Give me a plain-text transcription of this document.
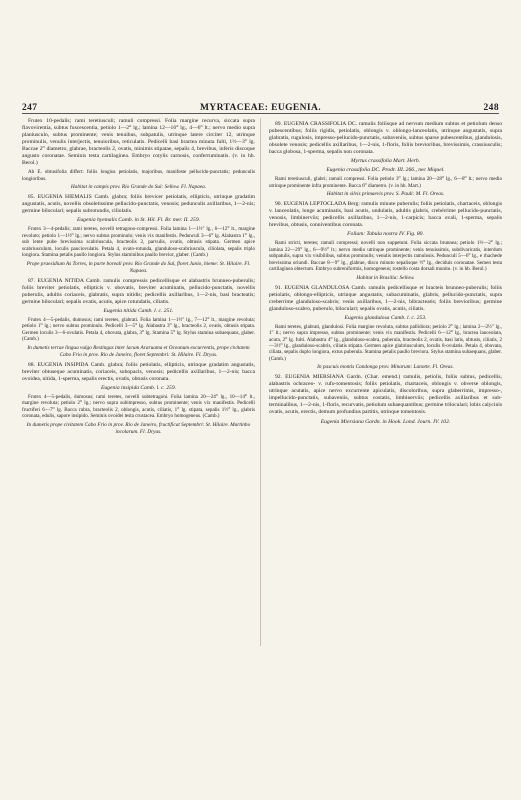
247	MYRTACEAE: EUGENIA.	248

Frutex 10-pedalis; rami teretiusculi; ramuli compressi. Folia margine recurva, siccata supra flavovirentia, subtus fuscescentia, petiolo 1—2‴ lg.; lamina 12—16‴ lg., 4—6‴ lt.; nervo medio supra planiusculo, subtus prominente; venis tenuibus, subpatulis, utrinque latere circiter 12, utrinque prominulis, venulis interjectis, tenuioribus, reticulatis. Pedicelli basi bractea minuta fulti, 1½—3‴ lg. Baccae 2‴ diametro, glabrae, bracteolis 2, ovatis, minimis stipatae, sepalis 4, brevibus, inferis discoque angusto coronatae. Seminis testa cartilaginea. Embryo cotylis carnosis, conferruminatis. (v. in hb. Berol.)

Ab E. obtusifolia differt: foliis longius petiolatis, majoribus, manifeste pellucido-punctatis; pedunculis longioribus.

Habitat in campis prov. Rio Grande do Sul: Sellow. Fl. Napaea.

85. EUGENIA HIEMALIS Camb. glabra; foliis brevicer petiolatis, ellipticis, utrinque gradatim angustatis, acutis, novellis obsoletissime pellucido-punctatis, venosis; pedunculis axillaribus, 1—2-nis; germine biloculari; sepalis subrotundis, ciliolatis.

Eugenia hyemalis Camb. in St. Hil. Fl. Br. mer. II. 259.

Frutex 3—4-pedalis; rami teretes, novelli tetragono-compressi. Folia lamina 1—1½″ lg., 6—12‴ lt., margine revoluto; petiolo 1—1½‴ lg.; nervo subtus prominulo; venis vix manifestis. Pedunculi 3—6‴ lg. Alabastra 1‴ lg., sub lente pube brevissima scabriuscula, bracteolis 2, parvulis, ovatis, obtusis stipata. Germen apice scabriusculum, loculis pauciovulatis. Petala 4, ovato-rotunda, glanduloso-scabriuscula, ciliolata, sepalis triplo longiora. Stamina petalis paullo longiora. Stylus staminibus paullo brevior, glaber. (Camb.)

Prope praesidium As Torres, in parte boreali prov. Rio Grande do Sul, floret Junio, hieme: St. Hilaire. Fl. Napaea.

87. EUGENIA NITIDA Camb. ramulis compressis pedicellisque et alabastris brunneo-puberulis; foliis breviter petiolatis, ellipticis v. obovatis, breviter acuminatis, pellucido-punctatis, novellis puberulis, adultis coriaceis, glabratis, supra nitidis; pedicellis axillaribus, 1—2-nis, basi bracteatis; germine biloculari; sepalis ovatis, acutis, apice rotundatis, ciliatis.

Eugenia nitida Camb. l. c. 251.

Frutex 4—5-pedalis, dumosus; rami teretes, glabrati. Folia lamina 1—1½″ lg., 7—12‴ lt., margine revoluta; petiolo 1‴ lg.; nervo subtus prominulo. Pedicelli 3—5‴ lg. Alabastra 3‴ lg., bracteolis 2, ovatis, obtusis stipata. Germen loculis 3—6-ovulatis. Petala 4, obovata, glabra, 3‴ lg. Stamina 5‴ lg. Stylus stamina subaequans, glaber. (Camb.)

In dumetis terrae lingua vulgo Restingas inter lacum Araruama et Oceanum excurrentis, prope civitatem Cabo Frio in prov. Rio de Janeiro, floret Septembri: St. Hilaire. Fl. Dryas.

88. EUGENIA INSIPIDA Camb. glabra; foliis petiolatis, ellipticis, utrinque gradatim angustatis, breviter obtuseque acuminatis, coriaceis, subopacis, venosis; pedicellis axillaribus, 1—2-nis; bacca ovoidea, nitida, 1-sperma, sepalis erectis, ovatis, obtusis coronata.

Eugenia insipida Camb. l. c. 259.

Frutex 4—5-pedalis, dumosus; rami teretes, novelli subtetragoni. Folia lamina 20—24‴ lg., 10—14‴ lt., margine revoluta; petiolo 2‴ lg.; nervo supra subimpresso, subtus prominente; venis vix manifestis. Pedicelli fructiferi 6—7‴ lg. Bacca rubra, bracteolis 2, oblongis, acutis, ciliatis, 1‴ lg. stipata, sepalis 1½‴ lg., glabris coronata, edulis, sapore insipido. Seminis ovoidei testa crustacea. Embryo homogeneus. (Camb.)

In dumetis prope civitatem Cabo Frio in prov. Rio de Janeiro, fructificat Septembri: St. Hilaire. Martinho incolarum. Fl. Dryas.

89. EUGENIA CRASSIFOLIA DC. ramulis foliisque ad nervum medium subtus et petiolum denso pubescentibus; foliis rigidis, petiolatis, oblongis v. oblongo-lanceolatis, utrinque angustatis, supra glabratis, rugulosis, impresso-pellucido-punctatis, subaveniis, subtus sparse pubescentibus, glandulosis, obsolete venosis; pedicellis axillaribus, 1—2-nis, 1-floris, foliis brevioribus, brevissimis, crassiusculis; bacca globosa, 1-sperma, sepalis non coronata.

Myrtus crassifolia Mart. Herb.

Eugenia crassifolia DC. Prodr. III. 266., nec Miquel.

Rami teretiusculi, glabri; ramuli compressi. Folia petiolo 3‴ lg.; lamina 20—28‴ lg., 6—8‴ lt.; nervo medio utrinque prominente infra prominente. Bacca 6‴ diametro. (v. in hb. Mart.)

Habitat in silvis primaevis prov. S. Pauli: M. Fl. Oreas.

90. EUGENIA LEPTOCLADA Berg: ramulis minute puberulis; foliis petiolatis, chartaceis, oblongis v. lanceolatis, longe acuminatis, basi acutis, undulatis, adultis glabris, crebérrime pellucido-punctatis, venosis, limbinerviis; pedicellis axillaribus, 1—2-nis, 1-carpicis; bacca ovali, 1-sperma, sepalis brevibus, obtusis, conniventibus coronata.

Folium: Tabula nostra IV. Fig. 80.

Rami stricti, teretes; ramuli compressi; novelli non suppetunt. Folia siccata brunnea; petiolo 1½—2‴ lg.; lamina 22—29‴ lg., 6—9½‴ lt.; nervo medio utrinque prominente; venis tenuissimis, subdivaricatis, interdum subpatulis, supra vix visibilibus, subtus prominulis; venulis interjectis ramulosis. Pedunculi 5—6‴ lg., e rhachede brevissima oriundi. Baccae 8—9‴ lg., glabrae, disco minuto sepalisque ½‴ lg., deciduis coronatae. Semen testa cartilaginea obtectum. Embryo subreniformis, homogeneus; rostello costa dorsali munito. (v. in hb. Berol.)

Habitat in Brasilia: Sellow.

91. EUGENIA GLANDULOSA Camb. ramulis pedicellisque et bracteis brunneo-puberulis; foliis petiolatis, oblongo-ellipticis, utrinque angustatis, subacuminatis, glabris, pellucido-punctatis, supra creberrime glanduloso-scabris; venis axillaribus, 1—2-nis, bibracteatis; foliis brevioribus; germine glanduloso-scabro, puberulo, biloculari; sepalis ovatis, acutis, ciliatis.

Eugenia glandulosa Camb. l. c. 253.

Rami teretes, glabrati, glandulosi. Folia margine revoluta, subtus pallidiora; petiolo 2‴ lg.; lamina 2—2½″ lg., 1″ lt.; nervo supra impresso, subtus prominente; venis vix manifestis. Pedicelli 6—12‴ lg., bractea lanceolata, acuta, 2‴ lg. fulti. Alabastra 4‴ lg., glanduloso-scabra, puberula, bracteolis 2, ovatis, basi latis, obtusis, ciliatis, 2—3½‴ lg., glanduloso-scabris, ciliatis stipata. Germen apice glabriusculum, loculis 8-ovulatis. Petala 4, obovata, ciliata, sepalis duplo longiora, extus puberula. Stamina petalis paullo breviora. Stylus stamina subaequans, glaber. (Camb.)

In pascuis montis Candonga prov. Minarum: Lanotte. Fl. Oreas.

92. EUGENIA MIERSIANA Gardn. (Char. emend.) ramulis, petiolis, foliis subtus, pedicellis, alabastris ochraceo- v. rufo-tomentosis; foliis petiolatis, chartaceis, oblongis v. obverse oblongis, utrinque acutatis, apice nervo excurrente apiculatis, discoloribus, supra glaberrimis, impresso-, impellucido-punctatis, subaveniis, subtus costatis, limbinerviis; pedicellis axillaribus et sub-terminalibus, 1—2-nis, 1-floris, recurvatis, petiolum subaequantibus; germine triloculari; lobis calycinis ovatis, acutis, erectis, demum profundius partitis, utrinque tomentosis.

Eugenia Miersiana Gardn. in Hook. Lond. Journ. IV. 102.
